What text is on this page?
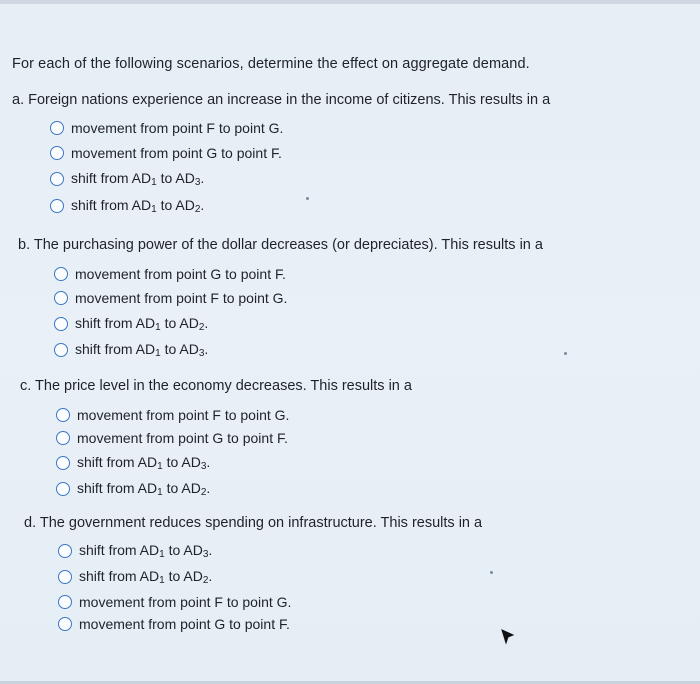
For each of the following scenarios, determine the effect on aggregate demand.
a. Foreign nations experience an increase in the income of citizens. This results in a
movement from point F to point G.
movement from point G to point F.
shift from $AD_1$ to $AD_3$.
shift from $AD_1$ to $AD_2$.
b. The purchasing power of the dollar decreases (or depreciates). This results in a
movement from point G to point F.
movement from point F to point G.
shift from $AD_1$ to $AD_2$.
shift from $AD_1$ to $AD_3$.
c. The price level in the economy decreases. This results in a
movement from point F to point G.
movement from point G to point F.
shift from $AD_1$ to $AD_3$.
shift from $AD_1$ to $AD_2$.
d. The government reduces spending on infrastructure. This results in a
shift from $AD_1$ to $AD_3$.
shift from $AD_1$ to $AD_2$.
movement from point F to point G.
movement from point G to point F.
